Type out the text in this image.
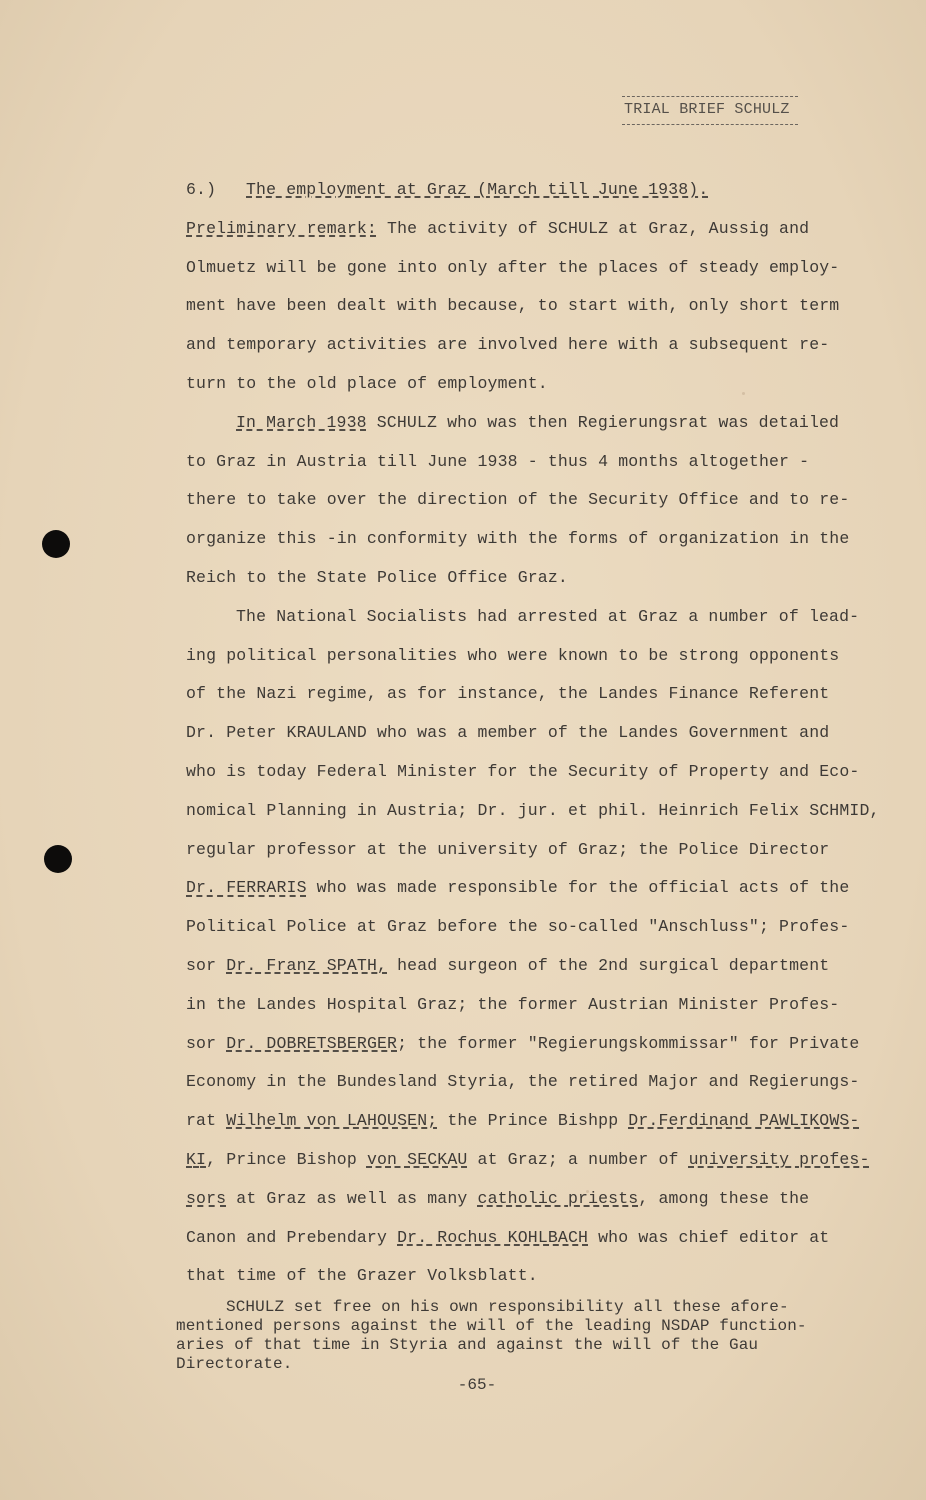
TRIAL BRIEF SCHULZ
6.) The employment at Graz (March till June 1938).
Preliminary remark: The activity of SCHULZ at Graz, Aussig and
Olmuetz will be gone into only after the places of steady employ-
ment have been dealt with because, to start with, only short term
and temporary activities are involved here with a subsequent re-
turn to the old place of employment.
In March 1938 SCHULZ who was then Regierungsrat was detailed
to Graz in Austria till June 1938 - thus 4 months altogether -
there to take over the direction of the Security Office and to re-
organize this -in conformity with the forms of organization in the
Reich to the State Police Office Graz.
The National Socialists had arrested at Graz a number of lead-
ing political personalities who were known to be strong opponents
of the Nazi regime, as for instance, the Landes Finance Referent
Dr. Peter KRAULAND who was a member of the Landes Government and
who is today Federal Minister for the Security of Property and Eco-
nomical Planning in Austria; Dr. jur. et phil. Heinrich Felix SCHMID,
regular professor at the university of Graz; the Police Director
Dr. FERRARIS who was made responsible for the official acts of the
Political Police at Graz before the so-called "Anschluss"; Profes-
sor Dr. Franz SPATH, head surgeon of the 2nd surgical department
in the Landes Hospital Graz; the former Austrian Minister Profes-
sor Dr. DOBRETSBERGER; the former "Regierungskommissar" for Private
Economy in the Bundesland Styria, the retired Major and Regierungs-
rat Wilhelm von LAHOUSEN; the Prince Bishpp Dr.Ferdinand PAWLIKOWS-
KI, Prince Bishop von SECKAU at Graz; a number of university profes-
sors at Graz as well as many catholic priests, among these the
Canon and Prebendary Dr. Rochus KOHLBACH who was chief editor at
that time of the Grazer Volksblatt.
SCHULZ set free on his own responsibility all these afore-
mentioned persons against the will of the leading NSDAP function-
aries of that time in Styria and against the will of the Gau
Directorate.
-65-
